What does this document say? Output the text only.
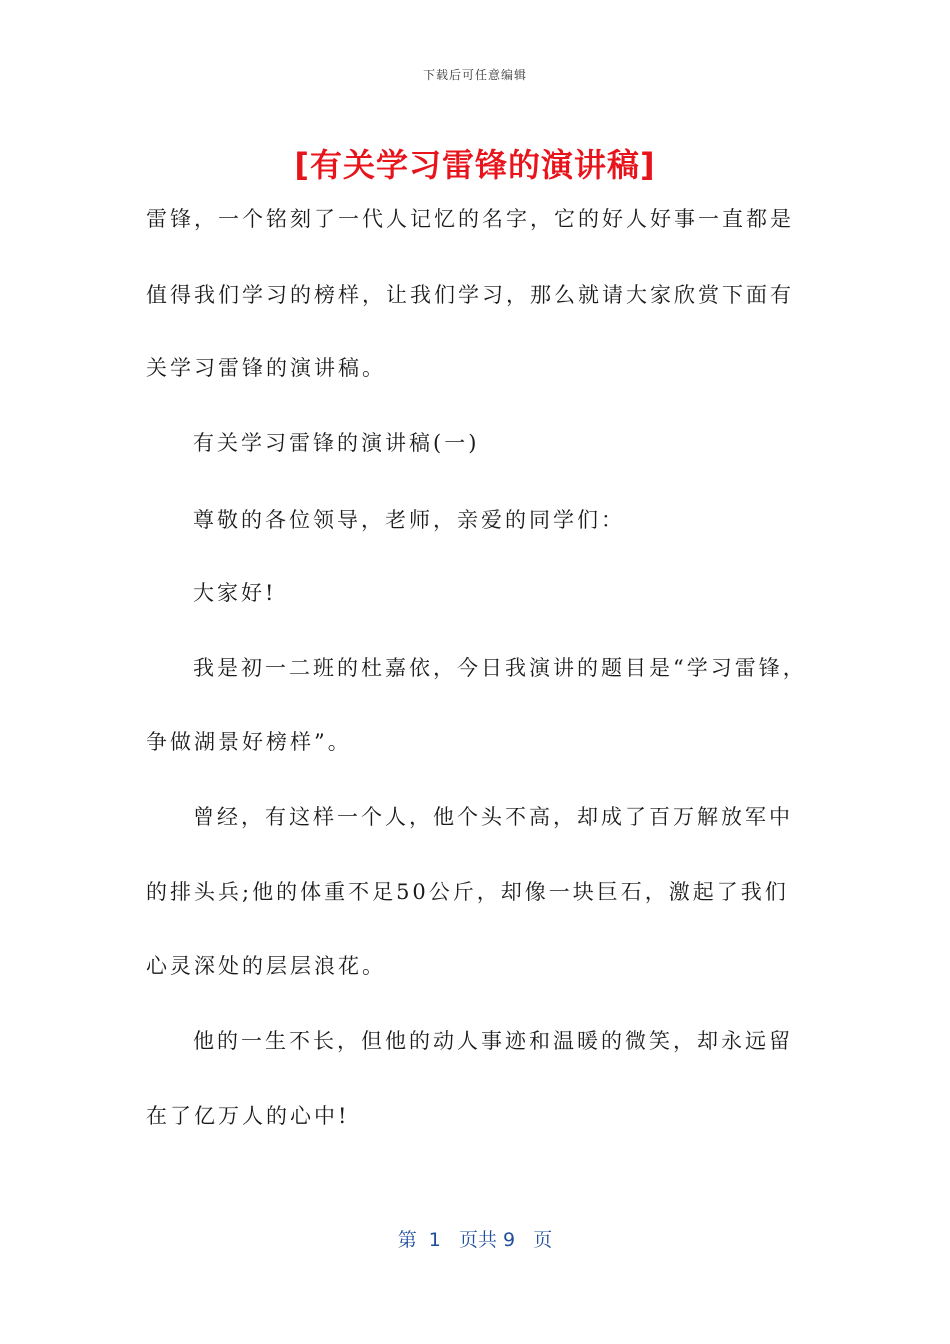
下载后可任意编辑
[有关学习雷锋的演讲稿]
雷锋，一个铭刻了一代人记忆的名字，它的好人好事一直都是
值得我们学习的榜样，让我们学习，那么就请大家欣赏下面有
关学习雷锋的演讲稿。
有关学习雷锋的演讲稿(一)
尊敬的各位领导，老师，亲爱的同学们：
大家好!
我是初一二班的杜嘉依，今日我演讲的题目是“学习雷锋，
争做湖景好榜样”。
曾经，有这样一个人，他个头不高，却成了百万解放军中
的排头兵;他的体重不足50公斤，却像一块巨石，激起了我们
心灵深处的层层浪花。
他的一生不长，但他的动人事迹和温暖的微笑，却永远留
在了亿万人的心中!
第  1   页共 9   页
